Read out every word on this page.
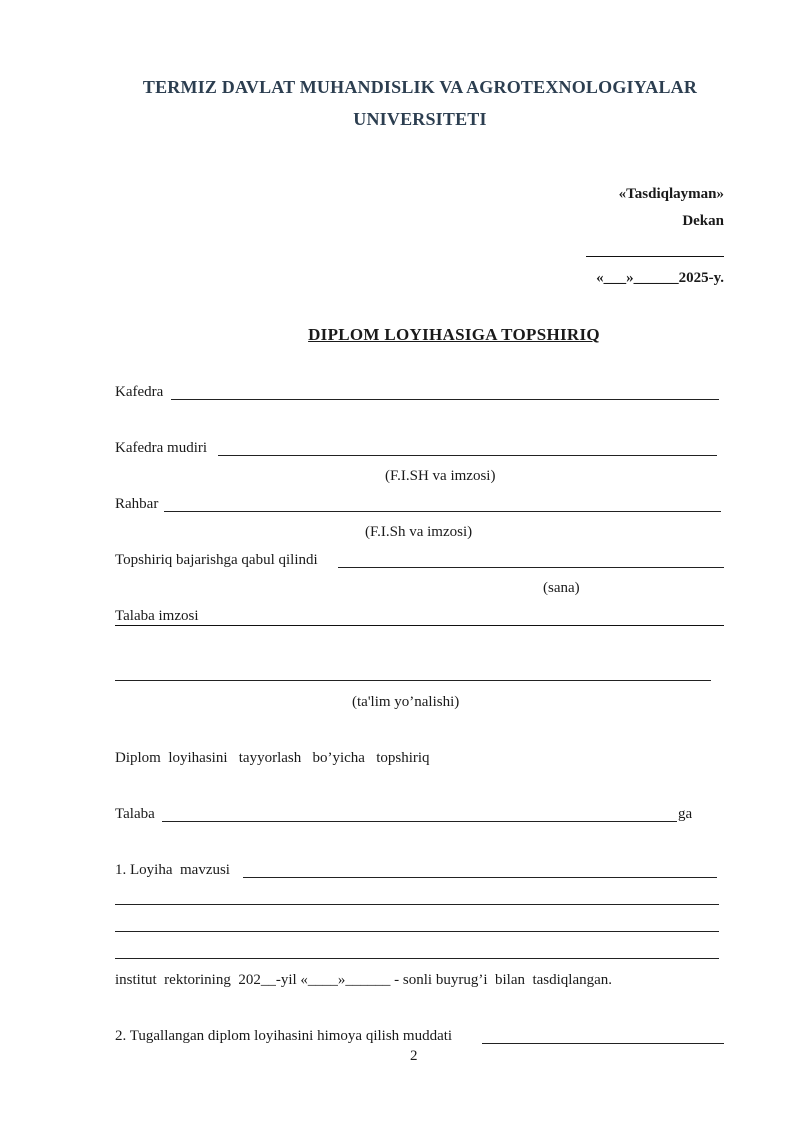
TERMIZ DAVLAT MUHANDISLIK VA AGROTEXNOLOGIYALAR
UNIVERSITETI
«Tasdiqlayman»
Dekan
«___»______2025-y.
DIPLOM LOYIHASIGA TOPSHIRIQ
Kafedra
Kafedra mudiri
(F.I.SH va imzosi)
Rahbar
(F.I.Sh va imzosi)
Topshiriq bajarishga qabul qilindi
(sana)
Talaba imzosi
(ta'lim yo’nalishi)
Diplom  loyihasini   tayyorlash   bo’yicha   topshiriq
Talaba	ga
1. Loyiha  mavzusi
institut  rektorining  202__-yil «____»______ - sonli buyrug’i  bilan  tasdiqlangan.
2. Tugallangan diplom loyihasini himoya qilish muddati
2
